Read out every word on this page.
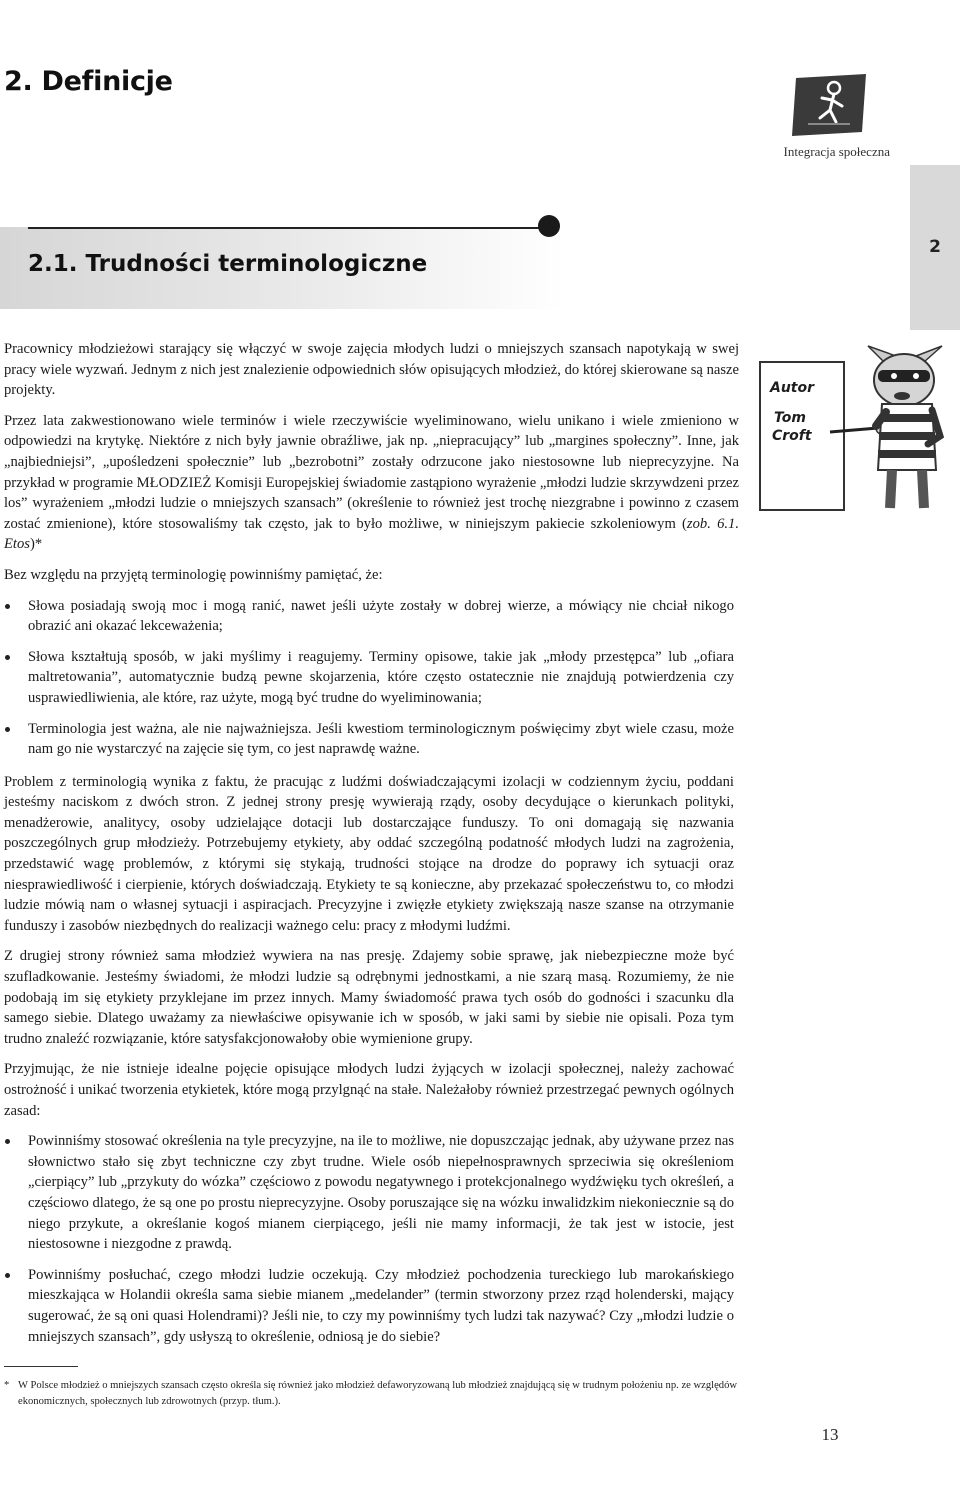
2. Definicje
Integracja społeczna
2.1. Trudności terminologiczne
2
Autor
Tom
Croft

Pracownicy młodzieżowi starający się włączyć w swoje zajęcia młodych ludzi o mniejszych szansach napotykają w swej pracy wiele wyzwań. Jednym z nich jest znalezienie odpowiednich słów opisujących młodzież, do której skierowane są nasze projekty.

Przez lata zakwestionowano wiele terminów i wiele rzeczywiście wyeliminowano, wielu unikano i wiele zmieniono w odpowiedzi na krytykę. Niektóre z nich były jawnie obraźliwe, jak np. „niepracujący” lub „margines społeczny”. Inne, jak „najbiedniejsi”, „upośledzeni społecznie” lub „bezrobotni” zostały odrzucone jako niestosowne lub nieprecyzyjne. Na przykład w programie MŁODZIEŻ Komisji Europejskiej świadomie zastąpiono wyrażenie „młodzi ludzie skrzywdzeni przez los” wyrażeniem „młodzi ludzie o mniejszych szansach” (określenie to również jest trochę niezgrabne i powinno z czasem zostać zmienione), które stosowaliśmy tak często, jak to było możliwe, w niniejszym pakiecie szkoleniowym (zob. 6.1. Etos)*

Bez względu na przyjętą terminologię powinniśmy pamiętać, że:

Słowa posiadają swoją moc i mogą ranić, nawet jeśli użyte zostały w dobrej wierze, a mówiący nie chciał nikogo obrazić ani okazać lekceważenia;
Słowa kształtują sposób, w jaki myślimy i reagujemy. Terminy opisowe, takie jak „młody przestępca” lub „ofiara maltretowania”, automatycznie budzą pewne skojarzenia, które często ostatecznie nie znajdują potwierdzenia czy usprawiedliwienia, ale które, raz użyte, mogą być trudne do wyeliminowania;
Terminologia jest ważna, ale nie najważniejsza. Jeśli kwestiom terminologicznym poświęcimy zbyt wiele czasu, może nam go nie wystarczyć na zajęcie się tym, co jest naprawdę ważne.

Problem z terminologią wynika z faktu, że pracując z ludźmi doświadczającymi izolacji w codziennym życiu, poddani jesteśmy naciskom z dwóch stron. Z jednej strony presję wywierają rządy, osoby decydujące o kierunkach polityki, menadżerowie, analitycy, osoby udzielające dotacji lub dostarczające funduszy. To oni domagają się nazwania poszczególnych grup młodzieży. Potrzebujemy etykiety, aby oddać szczególną podatność młodych ludzi na zagrożenia, przedstawić wagę problemów, z którymi się stykają, trudności stojące na drodze do poprawy ich sytuacji oraz niesprawiedliwość i cierpienie, których doświadczają. Etykiety te są konieczne, aby przekazać społeczeństwu to, co młodzi ludzie mówią nam o własnej sytuacji i aspiracjach. Precyzyjne i zwięzłe etykiety zwiększają nasze szanse na otrzymanie funduszy i zasobów niezbędnych do realizacji ważnego celu: pracy z młodymi ludźmi.

Z drugiej strony również sama młodzież wywiera na nas presję. Zdajemy sobie sprawę, jak niebezpieczne może być szufladkowanie. Jesteśmy świadomi, że młodzi ludzie są odrębnymi jednostkami, a nie szarą masą. Rozumiemy, że nie podobają im się etykiety przyklejane im przez innych. Mamy świadomość prawa tych osób do godności i szacunku dla samego siebie. Dlatego uważamy za niewłaściwe opisywanie ich w sposób, w jaki sami by siebie nie opisali. Poza tym trudno znaleźć rozwiązanie, które satysfakcjonowałoby obie wymienione grupy.

Przyjmując, że nie istnieje idealne pojęcie opisujące młodych ludzi żyjących w izolacji społecznej, należy zachować ostrożność i unikać tworzenia etykietek, które mogą przylgnąć na stałe. Należałoby również przestrzegać pewnych ogólnych zasad:

Powinniśmy stosować określenia na tyle precyzyjne, na ile to możliwe, nie dopuszczając jednak, aby używane przez nas słownictwo stało się zbyt techniczne czy zbyt trudne. Wiele osób niepełnosprawnych sprzeciwia się określeniom „cierpiący” lub „przykuty do wózka” częściowo z powodu negatywnego i protekcjonalnego wydźwięku tych określeń, a częściowo dlatego, że są one po prostu nieprecyzyjne. Osoby poruszające się na wózku inwalidzkim niekoniecznie są do niego przykute, a określanie kogoś mianem cierpiącego, jeśli nie mamy informacji, że tak jest w istocie, jest niestosowne i niezgodne z prawdą.
Powinniśmy posłuchać, czego młodzi ludzie oczekują. Czy młodzież pochodzenia tureckiego lub marokańskiego mieszkająca w Holandii określa sama siebie mianem „medelander” (termin stworzony przez rząd holenderski, mający sugerować, że są oni quasi Holendrami)? Jeśli nie, to czy my powinniśmy tych ludzi tak nazywać? Czy „młodzi ludzie o mniejszych szansach”, gdy usłyszą to określenie, odniosą je do siebie?
* W Polsce młodzież o mniejszych szansach często określa się również jako młodzież defaworyzowaną lub młodzież znajdującą się w trudnym położeniu np. ze względów ekonomicznych, społecznych lub zdrowotnych (przyp. tłum.).
13
